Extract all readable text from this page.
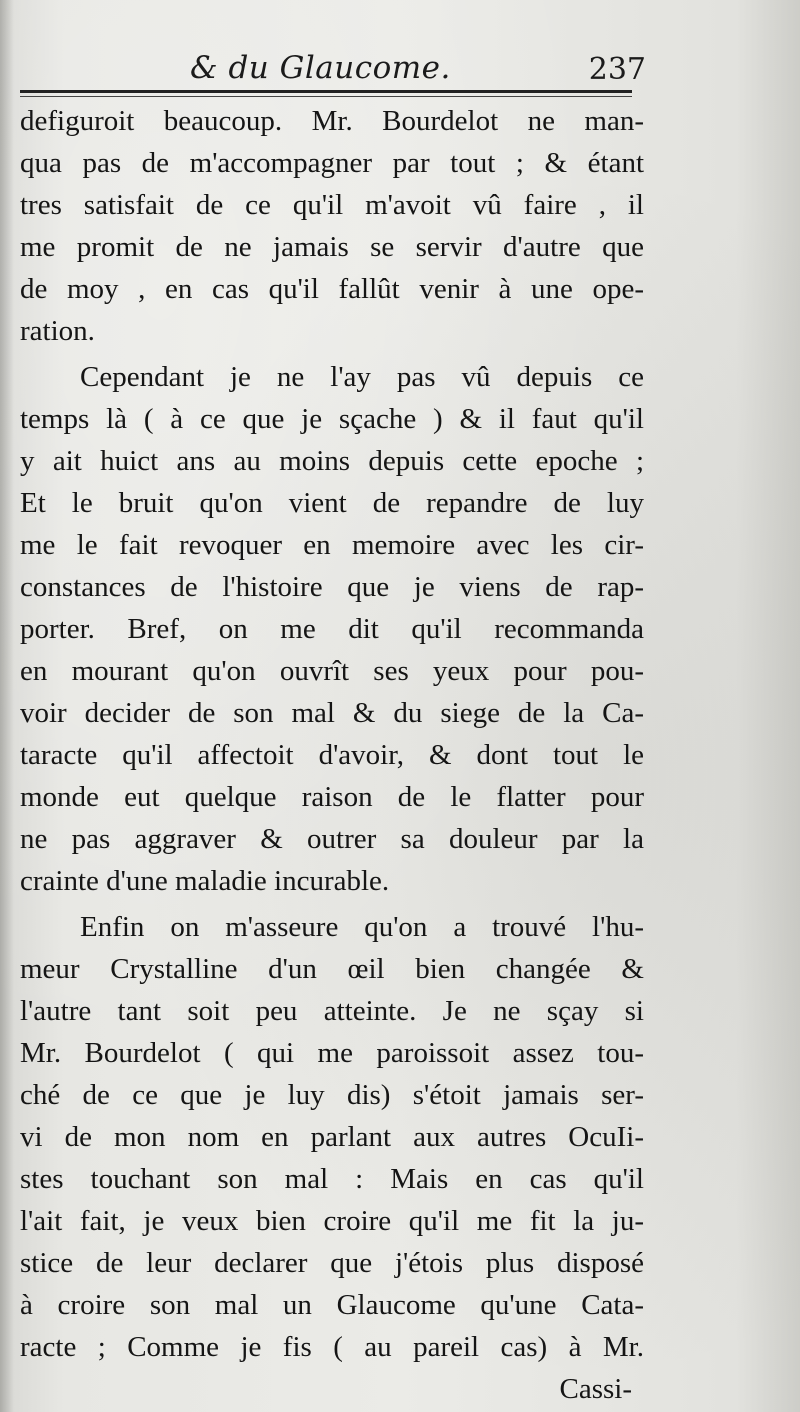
& du Glaucome.	237
defiguroit beaucoup. Mr. Bourdelot ne man-
qua pas de m'accompagner par tout ; & étant
tres satisfait de ce qu'il m'avoit vû faire , il
me promit de ne jamais se servir d'autre que
de moy , en cas qu'il fallût venir à une ope-
ration.
Cependant je ne l'ay pas vû depuis ce
temps là ( à ce que je sçache ) & il faut qu'il
y ait huict ans au moins depuis cette epoche ;
Et le bruit qu'on vient de repandre de luy
me le fait revoquer en memoire avec les cir-
constances de l'histoire que je viens de rap-
porter. Bref, on me dit qu'il recommanda
en mourant qu'on ouvrît ses yeux pour pou-
voir decider de son mal & du siege de la Ca-
taracte qu'il affectoit d'avoir, & dont tout le
monde eut quelque raison de le flatter pour
ne pas aggraver & outrer sa douleur par la
crainte d'une maladie incurable.
Enfin on m'asseure qu'on a trouvé l'hu-
meur Crystalline d'un œil bien changée &
l'autre tant soit peu atteinte. Je ne sçay si
Mr. Bourdelot ( qui me paroissoit assez tou-
ché de ce que je luy dis) s'étoit jamais ser-
vi de mon nom en parlant aux autres OcuIi-
stes touchant son mal : Mais en cas qu'il
l'ait fait, je veux bien croire qu'il me fit la ju-
stice de leur declarer que j'étois plus disposé
à croire son mal un Glaucome qu'une Cata-
racte ; Comme je fis ( au pareil cas) à Mr.
Cassi-
